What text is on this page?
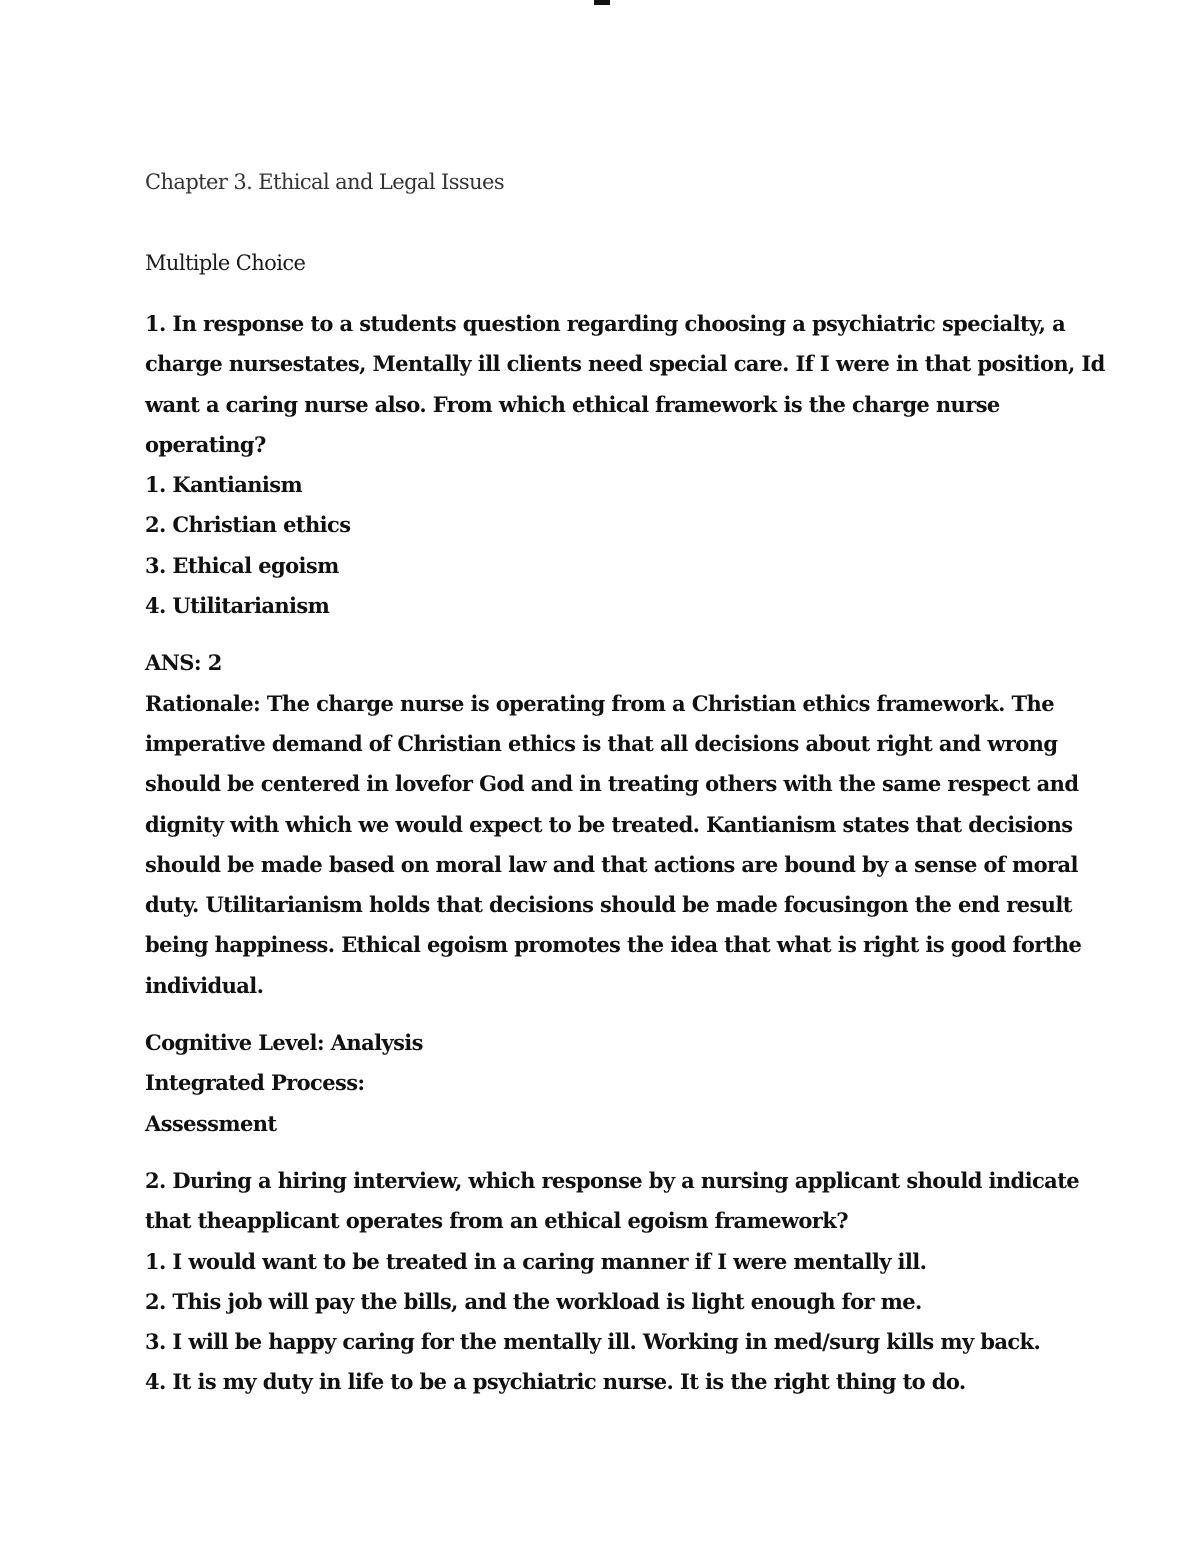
Chapter 3. Ethical and Legal Issues

Multiple Choice

1. In response to a students question regarding choosing a psychiatric specialty, a
charge nursestates, Mentally ill clients need special care. If I were in that position, Id
want a caring nurse also. From which ethical framework is the charge nurse
operating?
1. Kantianism
2. Christian ethics
3. Ethical egoism
4. Utilitarianism
ANS: 2
Rationale: The charge nurse is operating from a Christian ethics framework. The
imperative demand of Christian ethics is that all decisions about right and wrong
should be centered in lovefor God and in treating others with the same respect and
dignity with which we would expect to be treated. Kantianism states that decisions
should be made based on moral law and that actions are bound by a sense of moral
duty. Utilitarianism holds that decisions should be made focusingon the end result
being happiness. Ethical egoism promotes the idea that what is right is good forthe
individual.
Cognitive Level: Analysis
Integrated Process:
Assessment
2. During a hiring interview, which response by a nursing applicant should indicate
that theapplicant operates from an ethical egoism framework?
1. I would want to be treated in a caring manner if I were mentally ill.
2. This job will pay the bills, and the workload is light enough for me.
3. I will be happy caring for the mentally ill. Working in med/surg kills my back.
4. It is my duty in life to be a psychiatric nurse. It is the right thing to do.
